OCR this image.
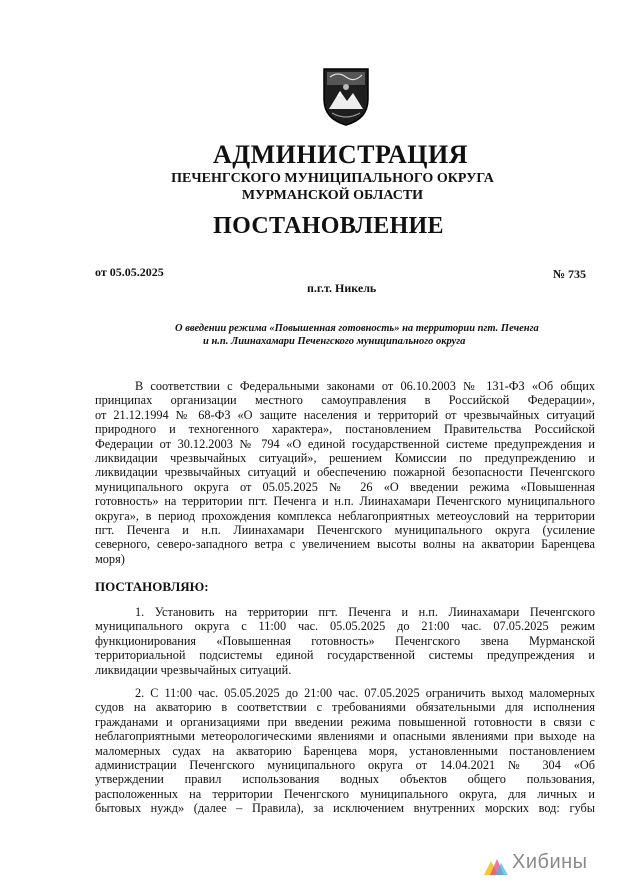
АДМИНИСТРАЦИЯ
ПЕЧЕНГСКОГО МУНИЦИПАЛЬНОГО ОКРУГА
МУРМАНСКОЙ ОБЛАСТИ
ПОСТАНОВЛЕНИЕ
от 05.05.2025	№ 735
п.г.т. Никель
О введении режима «Повышенная готовность» на территории пгт. Печенга
и н.п. Лиинахамари Печенгского муниципального округа
В соответствии с Федеральными законами от 06.10.2003 № 131-ФЗ «Об общих
принципах организации местного самоуправления в Российской Федерации»,
от 21.12.1994 № 68-ФЗ «О защите населения и территорий от чрезвычайных ситуаций
природного и техногенного характера», постановлением Правительства Российской
Федерации от 30.12.2003 № 794 «О единой государственной системе предупреждения и
ликвидации чрезвычайных ситуаций», решением Комиссии по предупреждению и
ликвидации чрезвычайных ситуаций и обеспечению пожарной безопасности Печенгского
муниципального округа от 05.05.2025 № 26 «О введении режима «Повышенная
готовность» на территории пгт. Печенга и н.п. Лиинахамари Печенгского муниципального
округа», в период прохождения комплекса неблагоприятных метеоусловий на территории
пгт. Печенга и н.п. Лиинахамари Печенгского муниципального округа (усиление
северного, северо-западного ветра с увеличением высоты волны на акватории Баренцева
моря)
ПОСТАНОВЛЯЮ:
1. Установить на территории пгт. Печенга и н.п. Лиинахамари Печенгского
муниципального округа с 11:00 час. 05.05.2025 до 21:00 час. 07.05.2025 режим
функционирования «Повышенная готовность» Печенгского звена Мурманской
территориальной подсистемы единой государственной системы предупреждения и
ликвидации чрезвычайных ситуаций.
2. С 11:00 час. 05.05.2025 до 21:00 час. 07.05.2025 ограничить выход маломерных
судов на акваторию в соответствии с требованиями обязательными для исполнения
гражданами и организациями при введении режима повышенной готовности в связи с
неблагоприятными метеорологическими явлениями и опасными явлениями при выходе на
маломерных судах на акваторию Баренцева моря, установленными постановлением
администрации Печенгского муниципального округа от 14.04.2021 № 304 «Об
утверждении правил использования водных объектов общего пользования,
расположенных на территории Печенгского муниципального округа, для личных и
бытовых нужд» (далее – Правила), за исключением внутренних морских вод: губы
Хибины
